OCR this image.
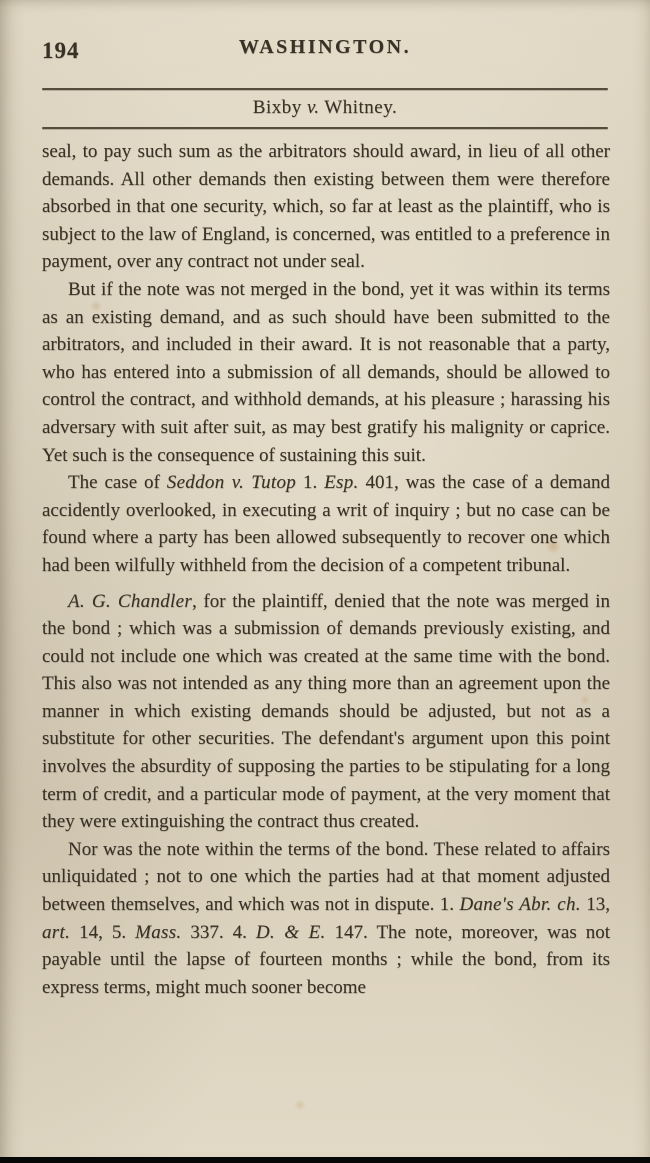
194	WASHINGTON.
Bixby v. Whitney.

seal, to pay such sum as the arbitrators should award, in lieu of all other demands. All other demands then existing between them were therefore absorbed in that one security, which, so far at least as the plaintiff, who is subject to the law of England, is concerned, was entitled to a preference in payment, over any contract not under seal.

But if the note was not merged in the bond, yet it was within its terms as an existing demand, and as such should have been submitted to the arbitrators, and included in their award. It is not reasonable that a party, who has entered into a submission of all demands, should be allowed to control the contract, and withhold demands, at his pleasure ; harassing his adversary with suit after suit, as may best gratify his malignity or caprice. Yet such is the consequence of sustaining this suit.

The case of Seddon v. Tutop 1. Esp. 401, was the case of a demand accidently overlooked, in executing a writ of inquiry ; but no case can be found where a party has been allowed subsequently to recover one which had been wilfully withheld from the decision of a competent tribunal.

A. G. Chandler, for the plaintiff, denied that the note was merged in the bond ; which was a submission of demands previously existing, and could not include one which was created at the same time with the bond. This also was not intended as any thing more than an agreement upon the manner in which existing demands should be adjusted, but not as a substitute for other securities. The defendant's argument upon this point involves the absurdity of supposing the parties to be stipulating for a long term of credit, and a particular mode of payment, at the very moment that they were extinguishing the contract thus created.

Nor was the note within the terms of the bond. These related to affairs unliquidated ; not to one which the parties had at that moment adjusted between themselves, and which was not in dispute. 1. Dane's Abr. ch. 13, art. 14, 5. Mass. 337. 4. D. & E. 147. The note, moreover, was not payable until the lapse of fourteen months ; while the bond, from its express terms, might much sooner become
